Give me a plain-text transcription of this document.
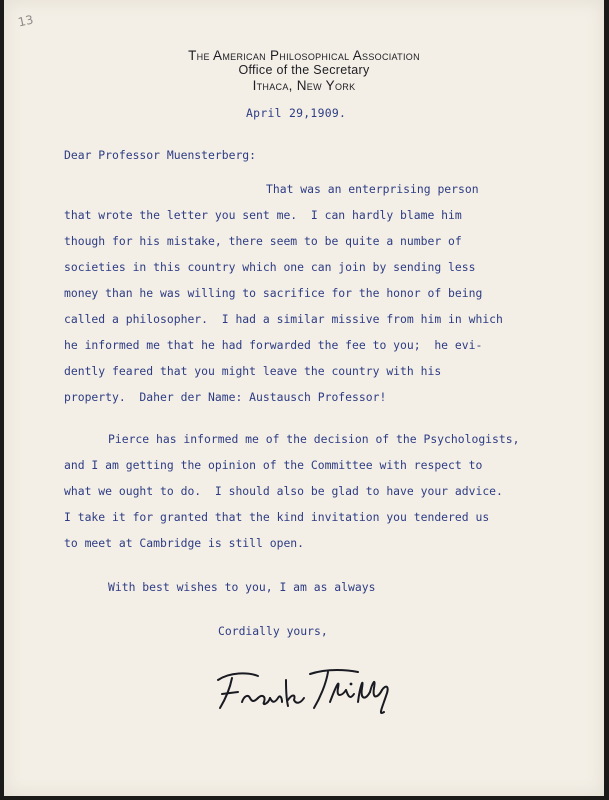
13
The American Philosophical Association
Office of the Secretary
Ithaca, New York
April 29,1909.
Dear Professor Muensterberg:
That was an enterprising person
that wrote the letter you sent me.  I can hardly blame him
though for his mistake, there seem to be quite a number of
societies in this country which one can join by sending less
money than he was willing to sacrifice for the honor of being
called a philosopher.  I had a similar missive from him in which
he informed me that he had forwarded the fee to you;  he evi-
dently feared that you might leave the country with his
property.  Daher der Name: Austausch Professor!
Pierce has informed me of the decision of the Psychologists,
and I am getting the opinion of the Committee with respect to
what we ought to do.  I should also be glad to have your advice.
I take it for granted that the kind invitation you tendered us
to meet at Cambridge is still open.
With best wishes to you, I am as always
Cordially yours,
